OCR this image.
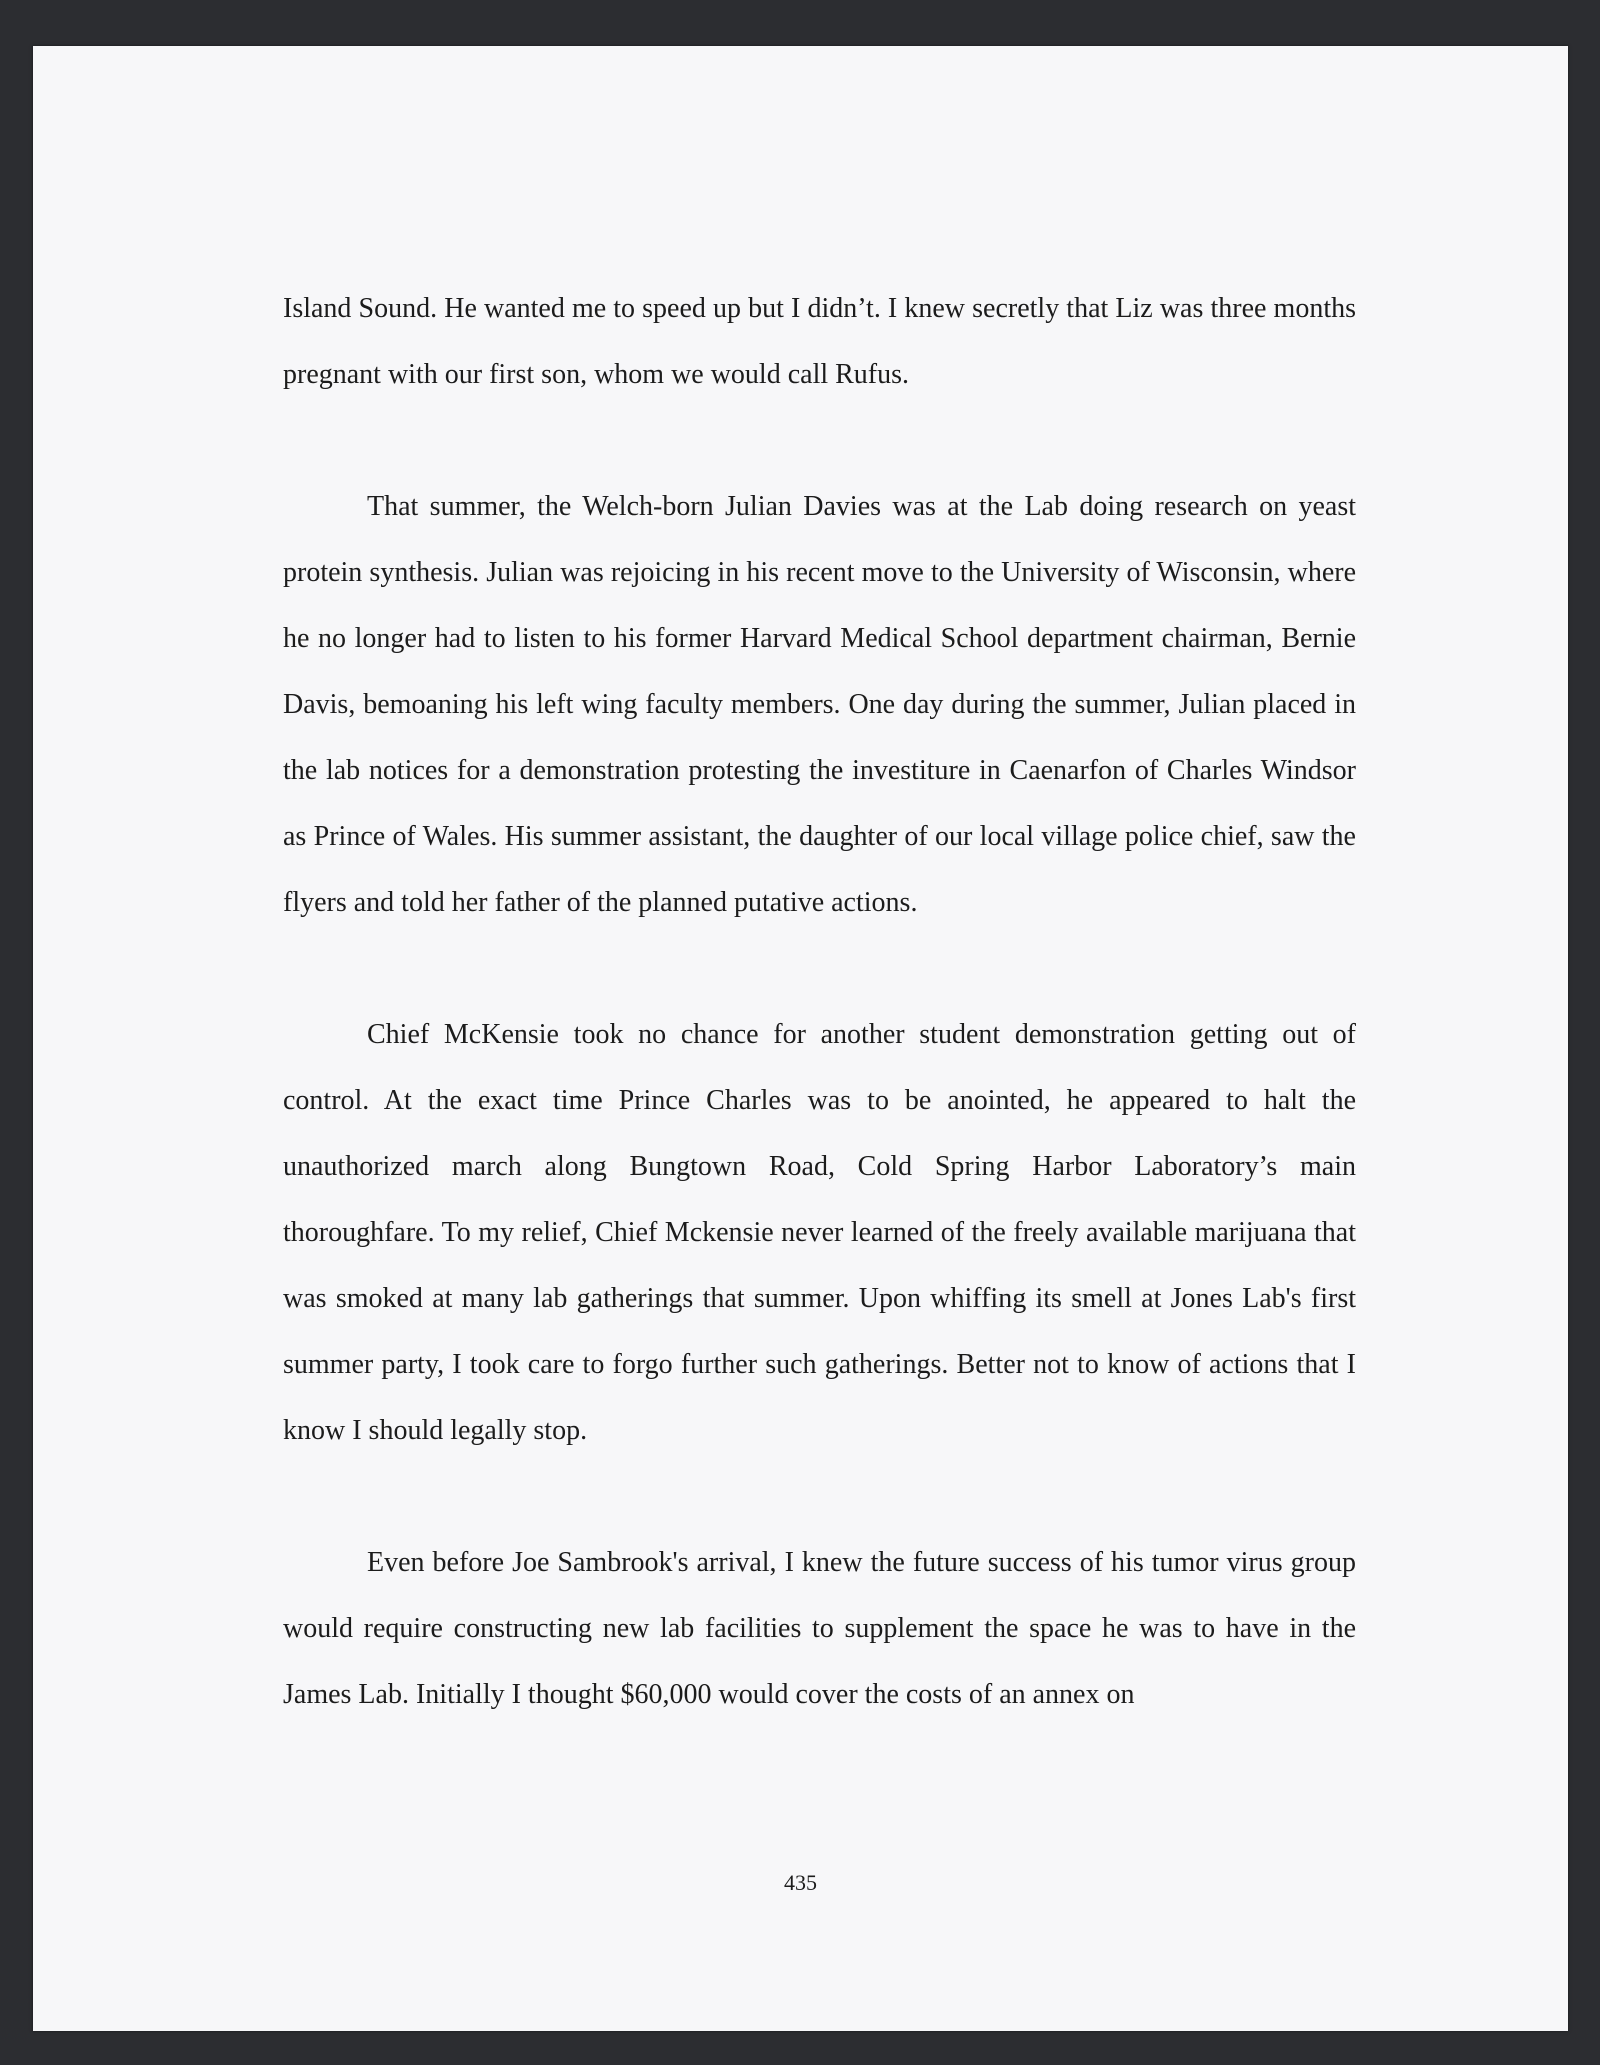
Island Sound. He wanted me to speed up but I didn’t. I knew secretly that Liz was three months pregnant with our first son, whom we would call Rufus.

That summer, the Welch-born Julian Davies was at the Lab doing research on yeast protein synthesis. Julian was rejoicing in his recent move to the University of Wisconsin, where he no longer had to listen to his former Harvard Medical School department chairman, Bernie Davis, bemoaning his left wing faculty members. One day during the summer, Julian placed in the lab notices for a demonstration protesting the investiture in Caenarfon of Charles Windsor as Prince of Wales. His summer assistant, the daughter of our local village police chief, saw the flyers and told her father of the planned putative actions.

Chief McKensie took no chance for another student demonstration getting out of control. At the exact time Prince Charles was to be anointed, he appeared to halt the unauthorized march along Bungtown Road, Cold Spring Harbor Laboratory’s main thoroughfare. To my relief, Chief Mckensie never learned of the freely available marijuana that was smoked at many lab gatherings that summer. Upon whiffing its smell at Jones Lab's first summer party, I took care to forgo further such gatherings. Better not to know of actions that I know I should legally stop.

Even before Joe Sambrook's arrival, I knew the future success of his tumor virus group would require constructing new lab facilities to supplement the space he was to have in the James Lab. Initially I thought $60,000 would cover the costs of an annex on

435
